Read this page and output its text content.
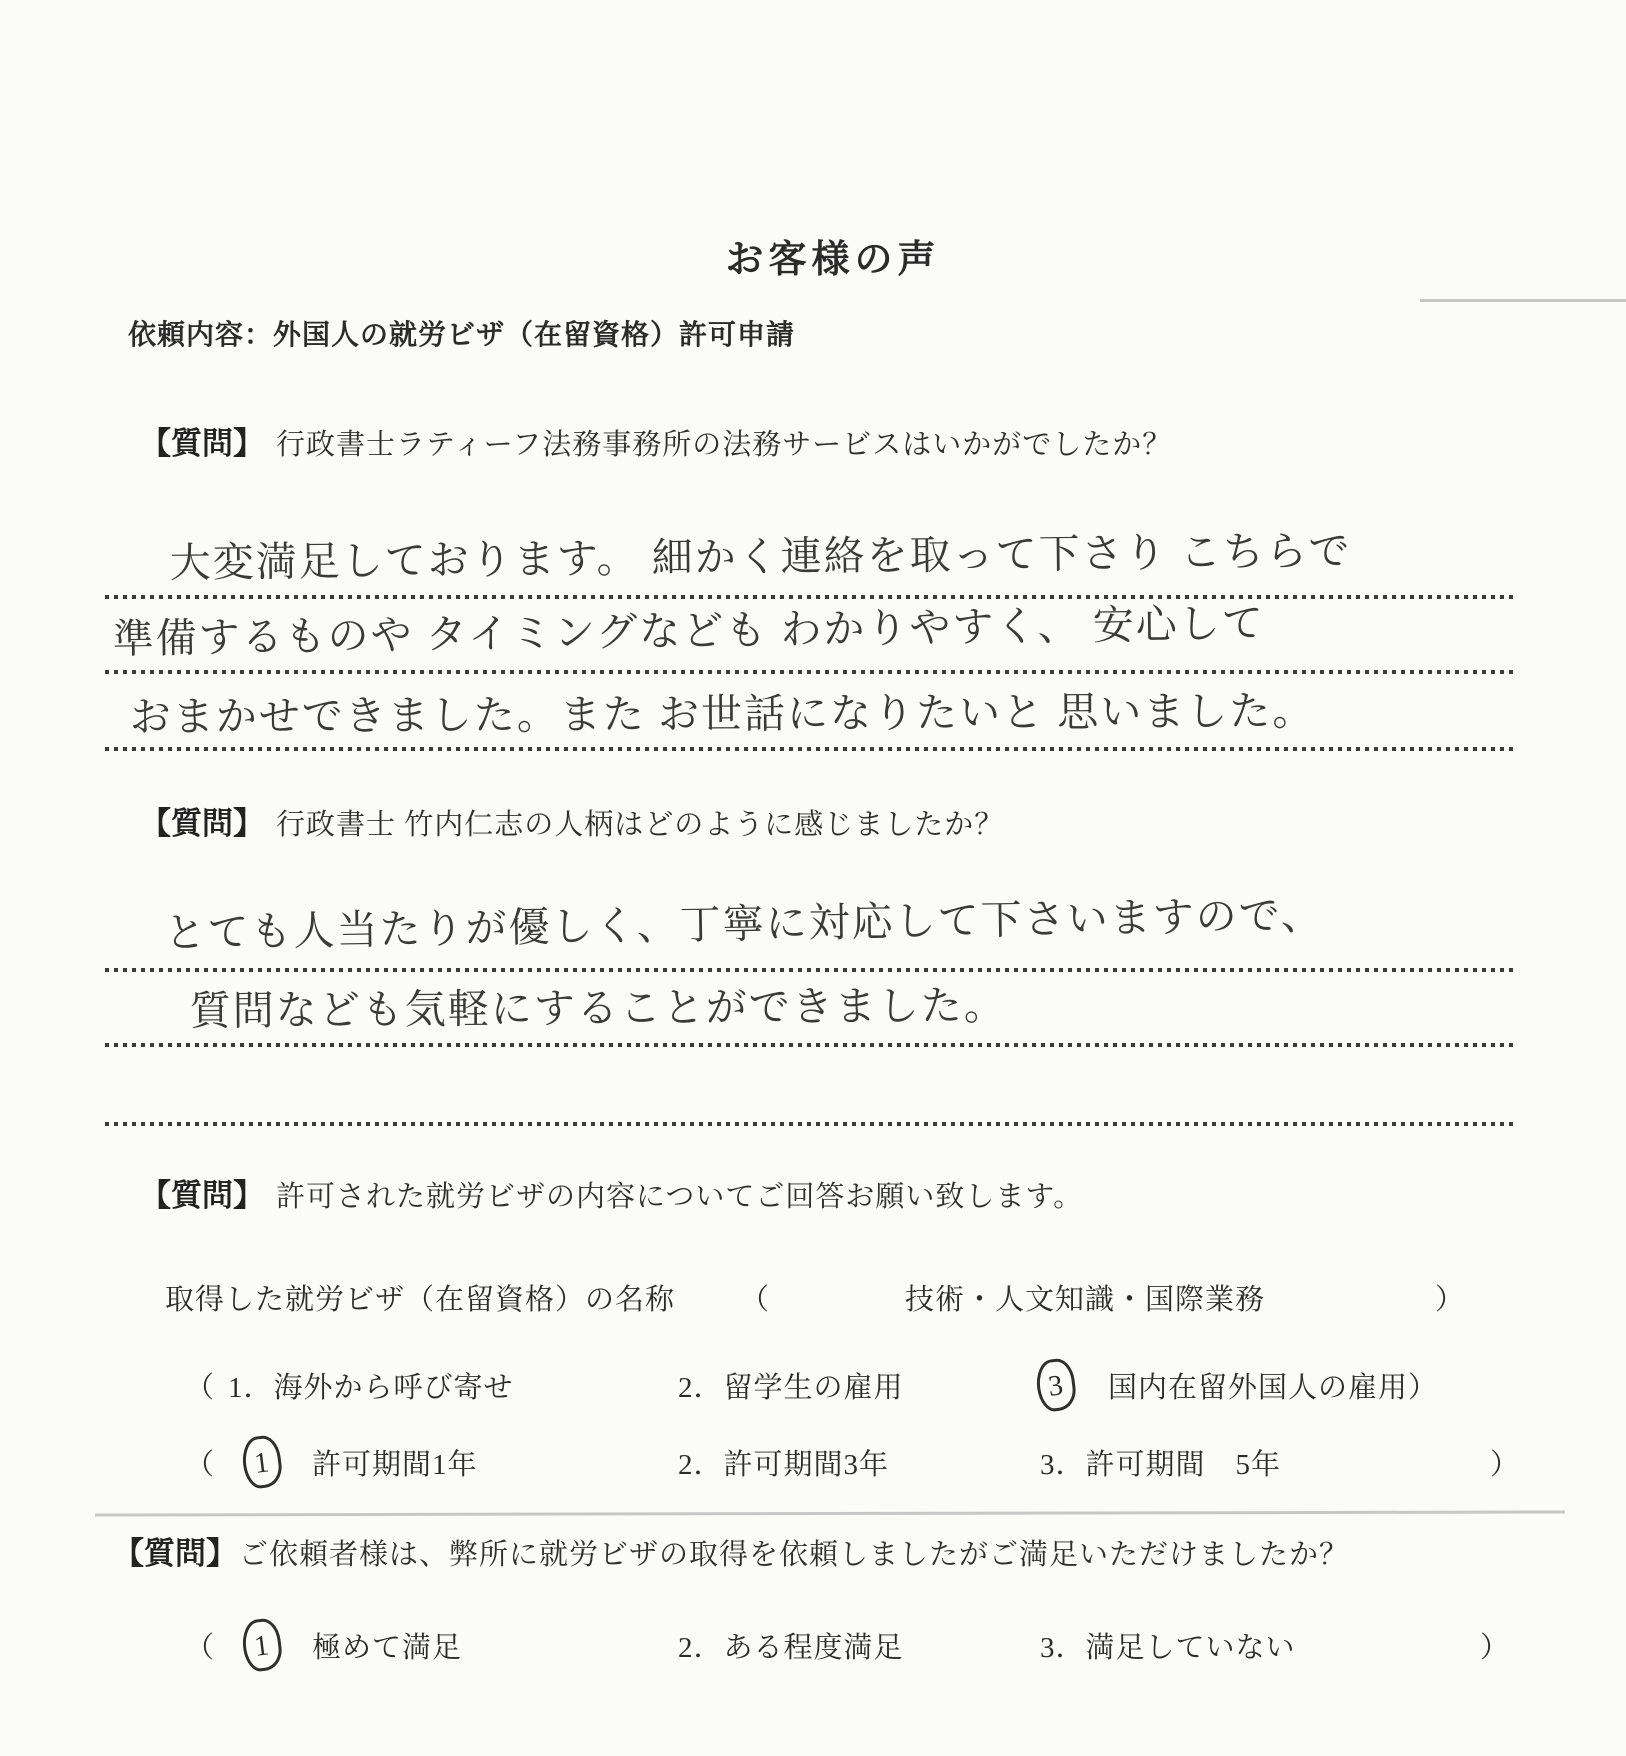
お客様の声
依頼内容：外国人の就労ビザ（在留資格）許可申請
【質問】 行政書士ラティーフ法務事務所の法務サービスはいかがでしたか？
大変満足しております。 細かく連絡を取って下さり こちらで
準備するものや タイミングなども わかりやすく、 安心して
おまかせできました。また お世話になりたいと 思いました。
【質問】 行政書士 竹内仁志の人柄はどのように感じましたか？
とても人当たりが優しく、丁寧に対応して下さいますので、
質問なども気軽にすることができました。
【質問】 許可された就労ビザの内容についてご回答お願い致します。
取得した就労ビザ（在留資格）の名称 （	技術・人文知識・国際業務	）
（ 1．海外から呼び寄せ	2．留学生の雇用	3	国内在留外国人の雇用）
（	1	許可期間1年	2．許可期間3年	3．許可期間　5年	）
【質問】 ご依頼者様は、弊所に就労ビザの取得を依頼しましたがご満足いただけましたか？
（	1	極めて満足	2．ある程度満足	3．満足していない	）
